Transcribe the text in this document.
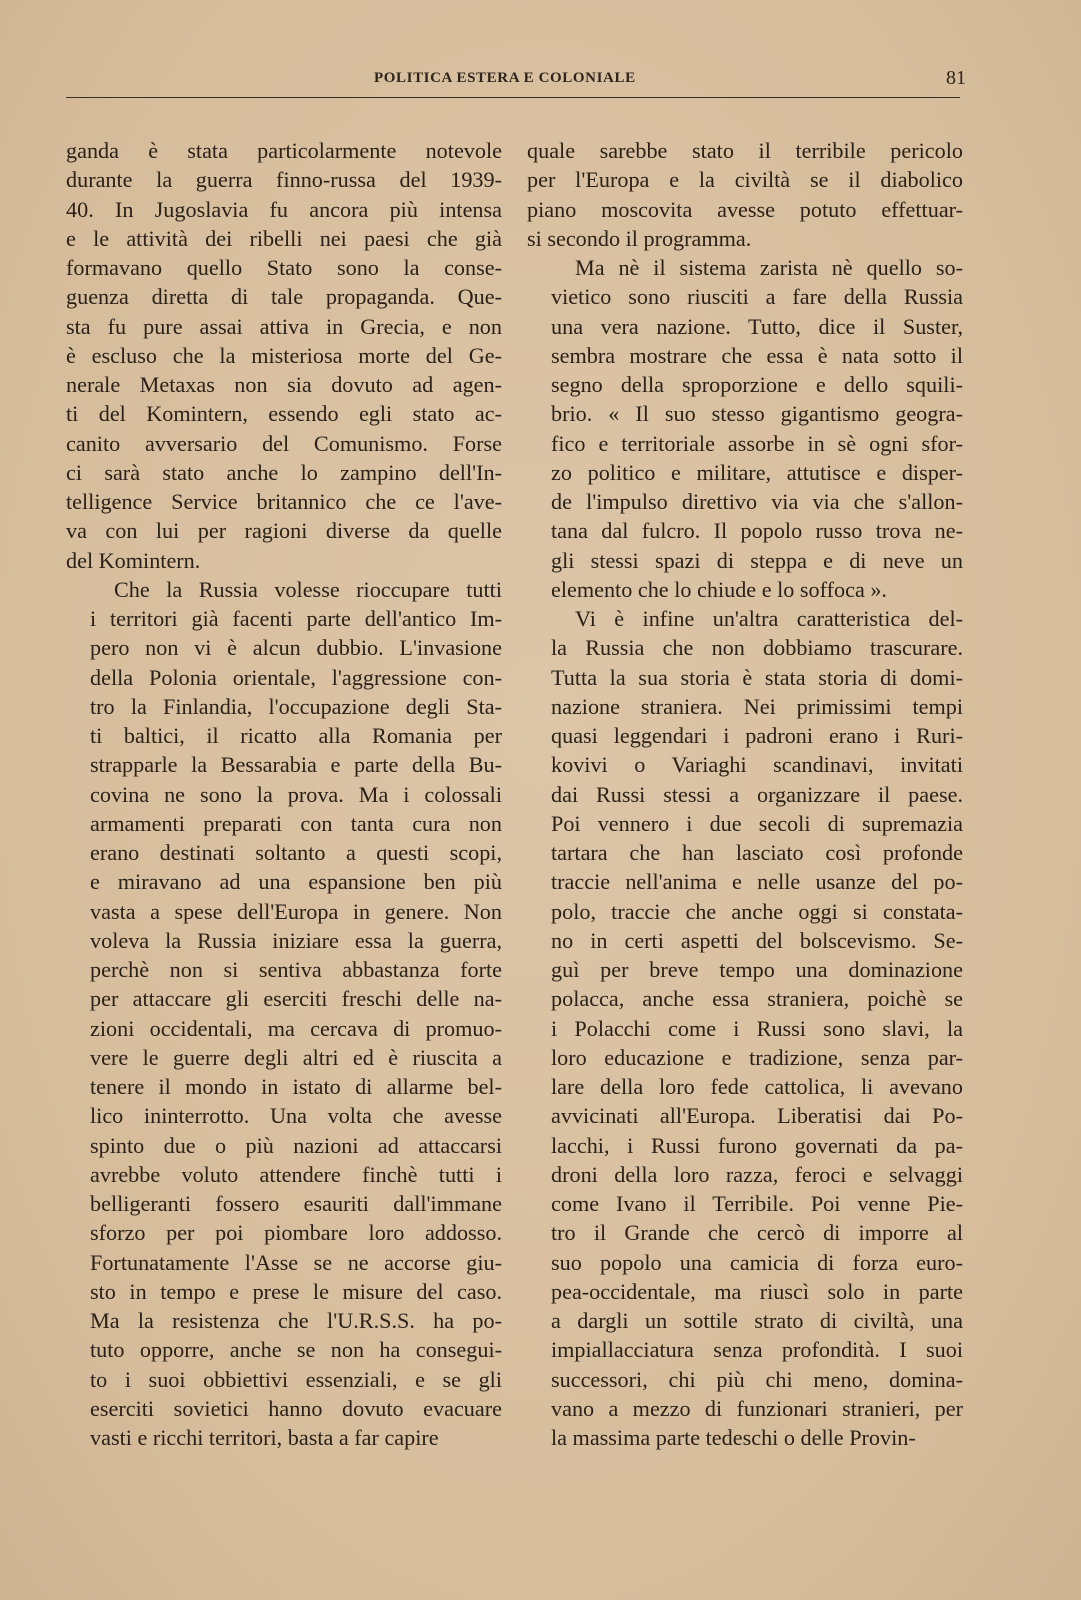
POLITICA ESTERA E COLONIALE	81

ganda è stata particolarmente notevole
durante la guerra finno-russa del 1939-
40. In Jugoslavia fu ancora più intensa
e le attività dei ribelli nei paesi che già
formavano quello Stato sono la conse-
guenza diretta di tale propaganda. Que-
sta fu pure assai attiva in Grecia, e non
è escluso che la misteriosa morte del Ge-
nerale Metaxas non sia dovuto ad agen-
ti del Komintern, essendo egli stato ac-
canito avversario del Comunismo. Forse
ci sarà stato anche lo zampino dell'In-
telligence Service britannico che ce l'ave-
va con lui per ragioni diverse da quelle
del Komintern.

Che la Russia volesse rioccupare tutti
i territori già facenti parte dell'antico Im-
pero non vi è alcun dubbio. L'invasione
della Polonia orientale, l'aggressione con-
tro la Finlandia, l'occupazione degli Sta-
ti baltici, il ricatto alla Romania per
strapparle la Bessarabia e parte della Bu-
covina ne sono la prova. Ma i colossali
armamenti preparati con tanta cura non
erano destinati soltanto a questi scopi,
e miravano ad una espansione ben più
vasta a spese dell'Europa in genere. Non
voleva la Russia iniziare essa la guerra,
perchè non si sentiva abbastanza forte
per attaccare gli eserciti freschi delle na-
zioni occidentali, ma cercava di promuo-
vere le guerre degli altri ed è riuscita a
tenere il mondo in istato di allarme bel-
lico ininterrotto. Una volta che avesse
spinto due o più nazioni ad attaccarsi
avrebbe voluto attendere finchè tutti i
belligeranti fossero esauriti dall'immane
sforzo per poi piombare loro addosso.
Fortunatamente l'Asse se ne accorse giu-
sto in tempo e prese le misure del caso.
Ma la resistenza che l'U.R.S.S. ha po-
tuto opporre, anche se non ha consegui-
to i suoi obbiettivi essenziali, e se gli
eserciti sovietici hanno dovuto evacuare
vasti e ricchi territori, basta a far capire

quale sarebbe stato il terribile pericolo
per l'Europa e la civiltà se il diabolico
piano moscovita avesse potuto effettuar-
si secondo il programma.

Ma nè il sistema zarista nè quello so-
vietico sono riusciti a fare della Russia
una vera nazione. Tutto, dice il Suster,
sembra mostrare che essa è nata sotto il
segno della sproporzione e dello squili-
brio. « Il suo stesso gigantismo geogra-
fico e territoriale assorbe in sè ogni sfor-
zo politico e militare, attutisce e disper-
de l'impulso direttivo via via che s'allon-
tana dal fulcro. Il popolo russo trova ne-
gli stessi spazi di steppa e di neve un
elemento che lo chiude e lo soffoca ».

Vi è infine un'altra caratteristica del-
la Russia che non dobbiamo trascurare.
Tutta la sua storia è stata storia di domi-
nazione straniera. Nei primissimi tempi
quasi leggendari i padroni erano i Ruri-
kovivi o Variaghi scandinavi, invitati
dai Russi stessi a organizzare il paese.
Poi vennero i due secoli di supremazia
tartara che han lasciato così profonde
traccie nell'anima e nelle usanze del po-
polo, traccie che anche oggi si constata-
no in certi aspetti del bolscevismo. Se-
guì per breve tempo una dominazione
polacca, anche essa straniera, poichè se
i Polacchi come i Russi sono slavi, la
loro educazione e tradizione, senza par-
lare della loro fede cattolica, li avevano
avvicinati all'Europa. Liberatisi dai Po-
lacchi, i Russi furono governati da pa-
droni della loro razza, feroci e selvaggi
come Ivano il Terribile. Poi venne Pie-
tro il Grande che cercò di imporre al
suo popolo una camicia di forza euro-
pea-occidentale, ma riuscì solo in parte
a dargli un sottile strato di civiltà, una
impiallacciatura senza profondità. I suoi
successori, chi più chi meno, domina-
vano a mezzo di funzionari stranieri, per
la massima parte tedeschi o delle Provin-
